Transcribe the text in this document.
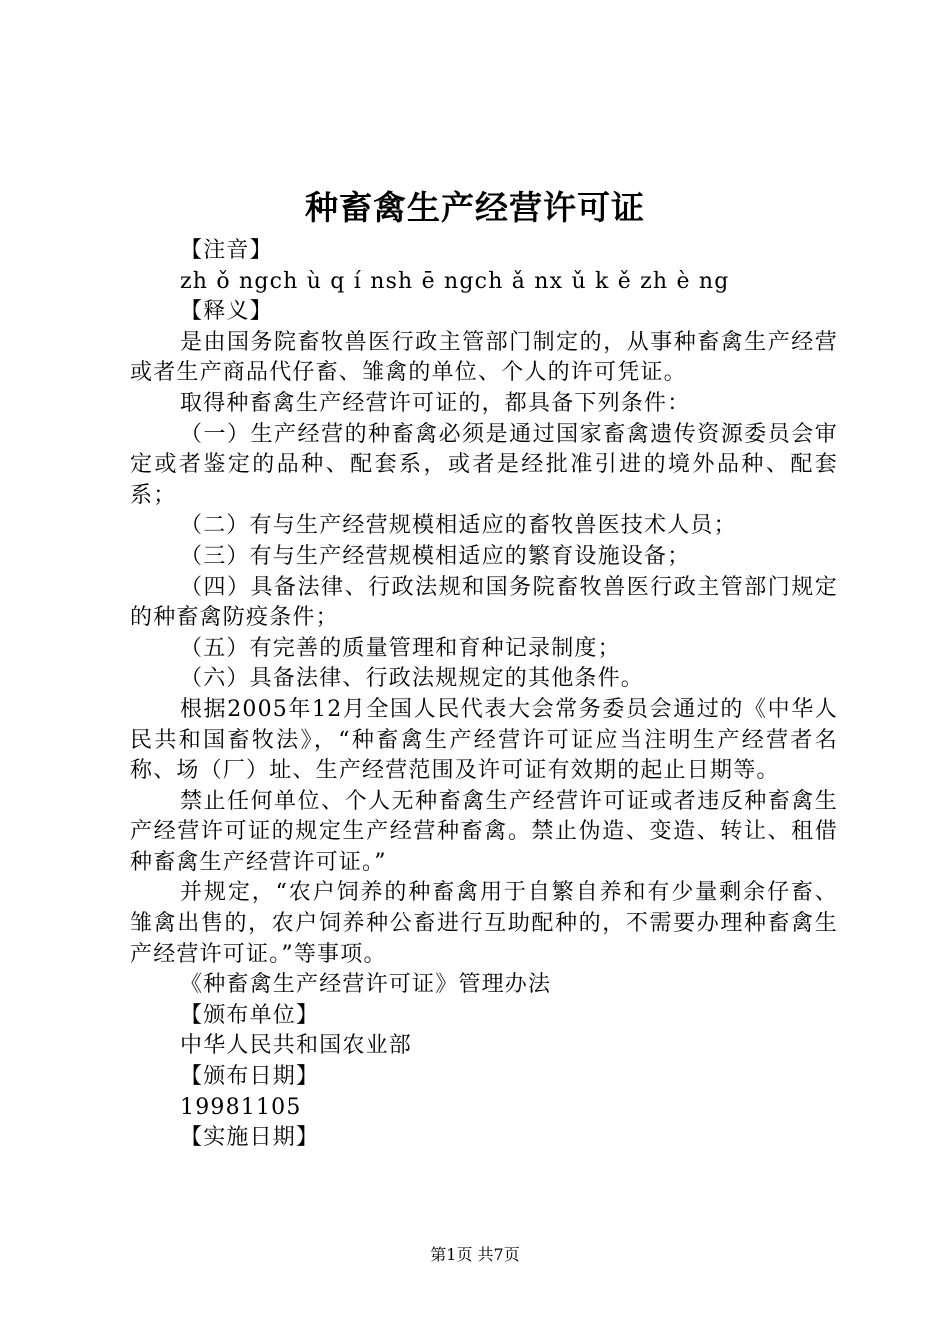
种畜禽生产经营许可证

【注音】

zh ǒ ngch ù q í nsh ē ngch ǎ nx ǔ k ě zh è ng

【释义】

是由国务院畜牧兽医行政主管部门制定的，从事种畜禽生产经营或者生产商品代仔畜、雏禽的单位、个人的许可凭证。

取得种畜禽生产经营许可证的，都具备下列条件：

（一）生产经营的种畜禽必须是通过国家畜禽遗传资源委员会审定或者鉴定的品种、配套系，或者是经批准引进的境外品种、配套系；

（二）有与生产经营规模相适应的畜牧兽医技术人员；

（三）有与生产经营规模相适应的繁育设施设备；

（四）具备法律、行政法规和国务院畜牧兽医行政主管部门规定的种畜禽防疫条件；

（五）有完善的质量管理和育种记录制度；

（六）具备法律、行政法规规定的其他条件。

根据2005年12月全国人民代表大会常务委员会通过的《中华人民共和国畜牧法》，“种畜禽生产经营许可证应当注明生产经营者名称、场（厂）址、生产经营范围及许可证有效期的起止日期等。

禁止任何单位、个人无种畜禽生产经营许可证或者违反种畜禽生产经营许可证的规定生产经营种畜禽。禁止伪造、变造、转让、租借种畜禽生产经营许可证。”

并规定，“农户饲养的种畜禽用于自繁自养和有少量剩余仔畜、雏禽出售的，农户饲养种公畜进行互助配种的，不需要办理种畜禽生产经营许可证。”等事项。

《种畜禽生产经营许可证》管理办法

【颁布单位】

中华人民共和国农业部

【颁布日期】

19981105

【实施日期】

第1页 共7页
